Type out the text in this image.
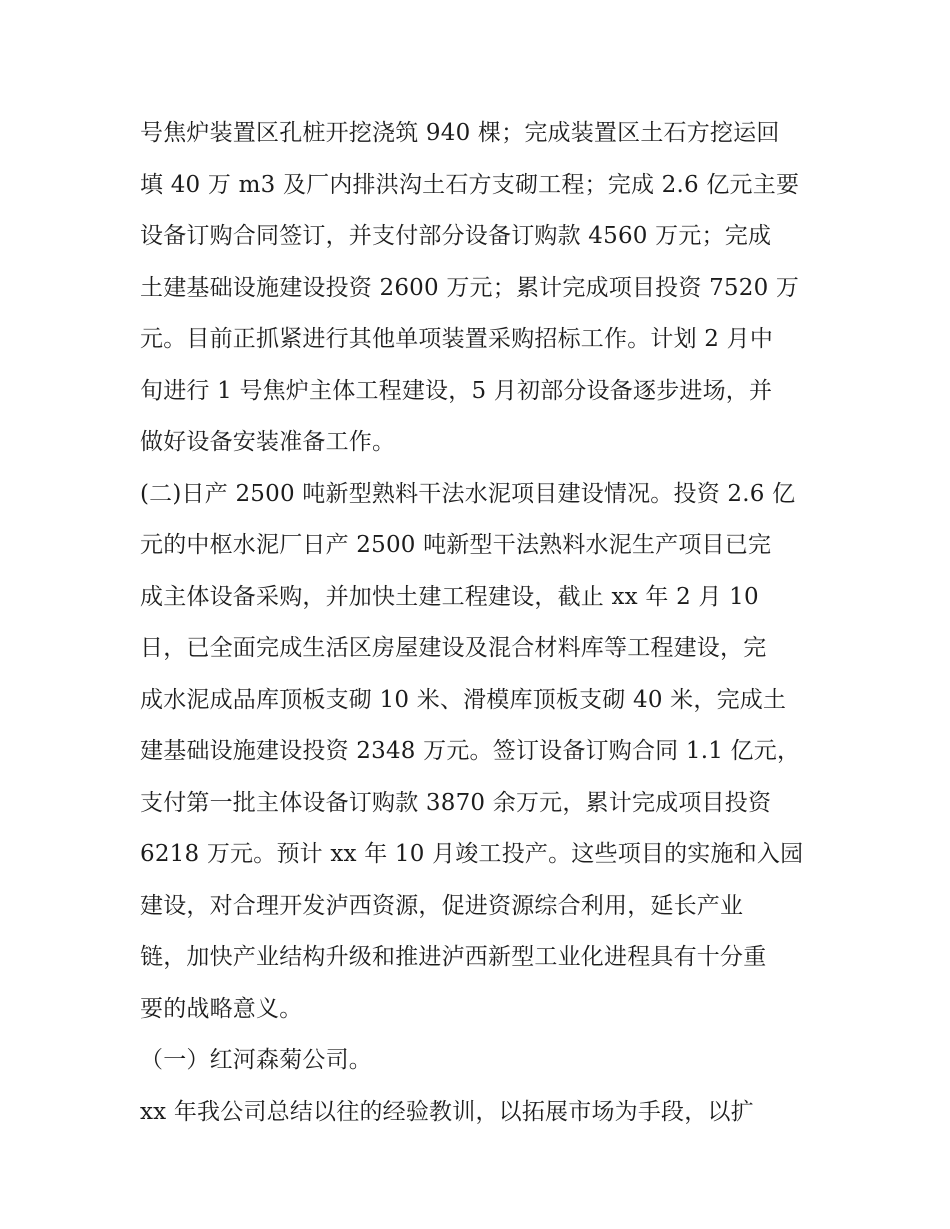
号焦炉装置区孔桩开挖浇筑 940 棵；完成装置区土石方挖运回
填 40 万 m3 及厂内排洪沟土石方支砌工程；完成 2.6 亿元主要
设备订购合同签订，并支付部分设备订购款 4560 万元；完成
土建基础设施建设投资 2600 万元；累计完成项目投资 7520 万
元。目前正抓紧进行其他单项装置采购招标工作。计划 2 月中
旬进行 1 号焦炉主体工程建设，5 月初部分设备逐步进场，并
做好设备安装准备工作。
(二)日产 2500 吨新型熟料干法水泥项目建设情况。投资 2.6 亿
元的中枢水泥厂日产 2500 吨新型干法熟料水泥生产项目已完
成主体设备采购，并加快土建工程建设，截止 xx 年 2 月 10
日，已全面完成生活区房屋建设及混合材料库等工程建设，完
成水泥成品库顶板支砌 10 米、滑模库顶板支砌 40 米，完成土
建基础设施建设投资 2348 万元。签订设备订购合同 1.1 亿元，
支付第一批主体设备订购款 3870 余万元，累计完成项目投资
6218 万元。预计 xx 年 10 月竣工投产。这些项目的实施和入园
建设，对合理开发泸西资源，促进资源综合利用，延长产业
链，加快产业结构升级和推进泸西新型工业化进程具有十分重
要的战略意义。
（一）红河森菊公司。
xx 年我公司总结以往的经验教训，以拓展市场为手段，以扩
